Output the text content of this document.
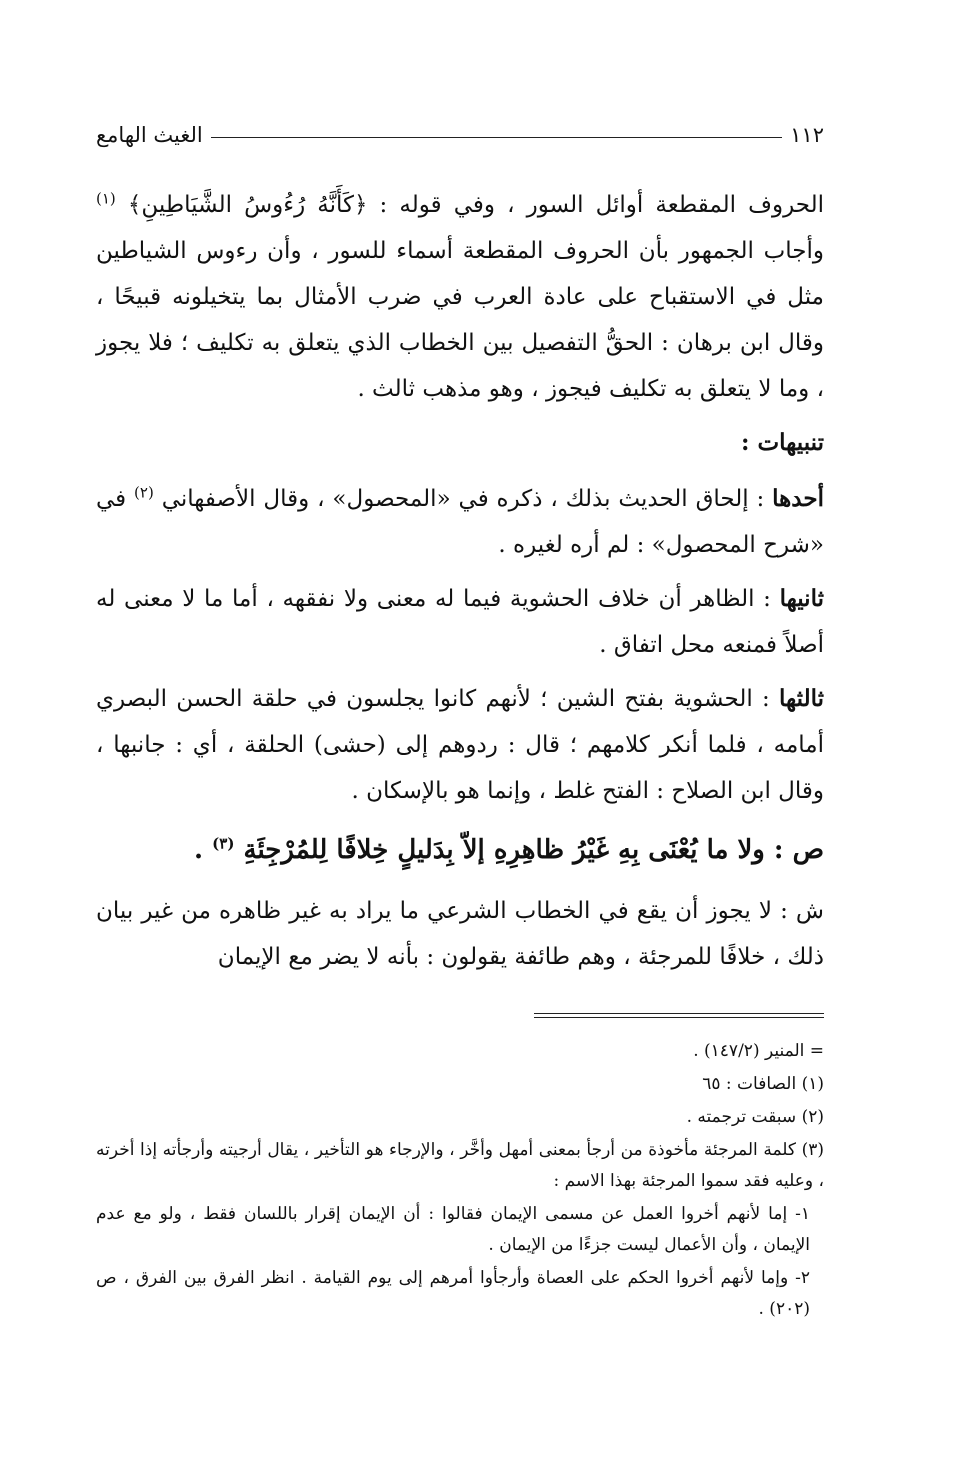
١١٢
الغيث الهامع

الحروف المقطعة أوائل السور ، وفي قوله : ﴿كَأَنَّهُ رُءُوسُ الشَّيَاطِينِ﴾ $^{(١)}$ وأجاب الجمهور بأن الحروف المقطعة أسماء للسور ، وأن رءوس الشياطين مثل في الاستقباح على عادة العرب في ضرب الأمثال بما يتخيلونه قبيحًا ، وقال ابن برهان : الحقُّ التفصيل بين الخطاب الذي يتعلق به تكليف ؛ فلا يجوز ، وما لا يتعلق به تكليف فيجوز ، وهو مذهب ثالث .

تنبيهات :

أحدها : إلحاق الحديث بذلك ، ذكره في «المحصول» ، وقال الأصفهاني $^{(٢)}$ في «شرح المحصول» : لم أره لغيره .

ثانيها : الظاهر أن خلاف الحشوية فيما له معنى ولا نفقهه ، أما ما لا معنى له أصلاً فمنعه محل اتفاق .

ثالثها : الحشوية بفتح الشين ؛ لأنهم كانوا يجلسون في حلقة الحسن البصري أمامه ، فلما أنكر كلامهم ؛ قال : ردوهم إلى (حشى) الحلقة ، أي : جانبها ، وقال ابن الصلاح : الفتح غلط ، وإنما هو بالإسكان .

ص : ولا ما يُعْنَى بِهِ غَيْرُ ظاهِرِهِ إلاّ بِدَليلٍ خِلافًا لِلمُرْجِئَةِ $^{(٣)}$ .

ش : لا يجوز أن يقع في الخطاب الشرعي ما يراد به غير ظاهره من غير بيان ذلك ، خلافًا للمرجئة ، وهم طائفة يقولون : بأنه لا يضر مع الإيمان

= المنير (١٤٧/٢) .

(١) الصافات : ٦٥

(٢) سبقت ترجمته .

(٣) كلمة المرجئة مأخوذة من أرجأ بمعنى أمهل وأخَّر ، والإرجاء هو التأخير ، يقال أرجيته وأرجأته إذا أخرته ، وعليه فقد سموا المرجئة بهذا الاسم :

١- إما لأنهم أخروا العمل عن مسمى الإيمان فقالوا : أن الإيمان إقرار باللسان فقط ، ولو مع عدم الإيمان ، وأن الأعمال ليست جزءًا من الإيمان .

٢- وإما لأنهم أخروا الحكم على العصاة وأرجأوا أمرهم إلى يوم القيامة . انظر الفرق بين الفرق ، ص (٢٠٢) .
